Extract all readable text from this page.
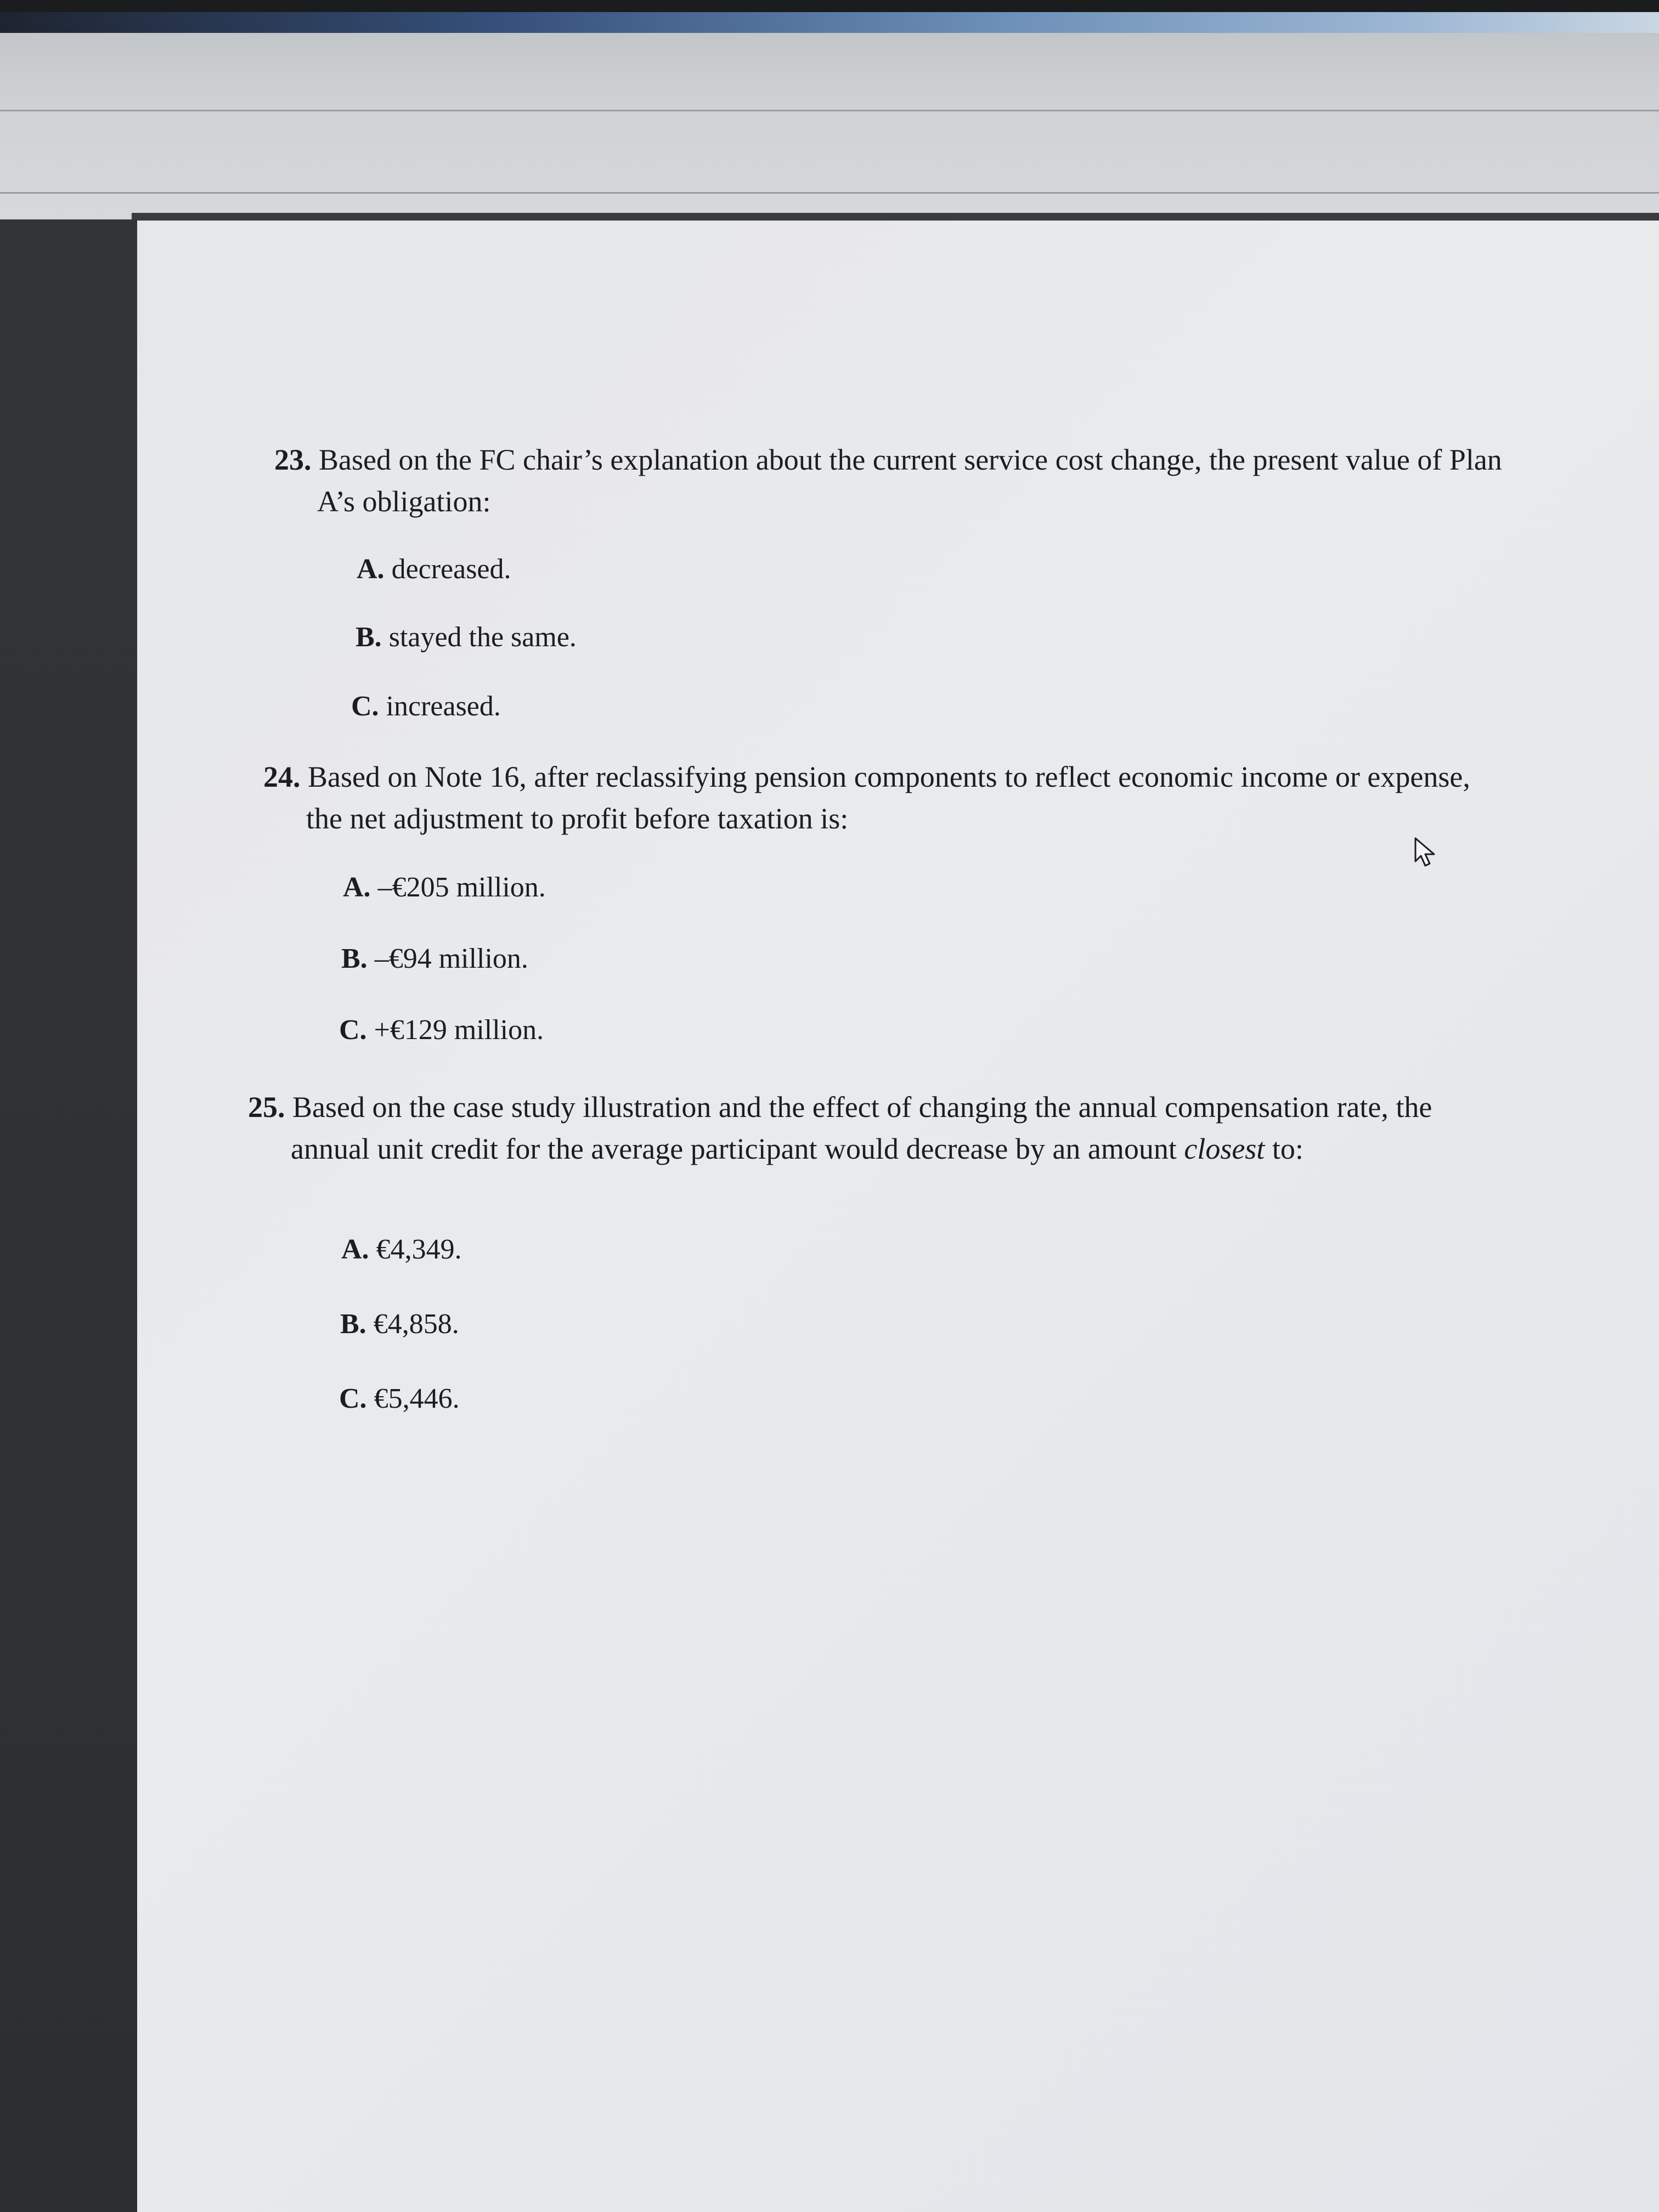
23. Based on the FC chair’s explanation about the current service cost change, the present value of Plan
A’s obligation:

A. decreased.
B. stayed the same.
C. increased.

24. Based on Note 16, after reclassifying pension components to reflect economic income or expense,
the net adjustment to profit before taxation is:

A. –€205 million.
B. –€94 million.
C. +€129 million.

25. Based on the case study illustration and the effect of changing the annual compensation rate, the
annual unit credit for the average participant would decrease by an amount closest to:

A. €4,349.
B. €4,858.
C. €5,446.
